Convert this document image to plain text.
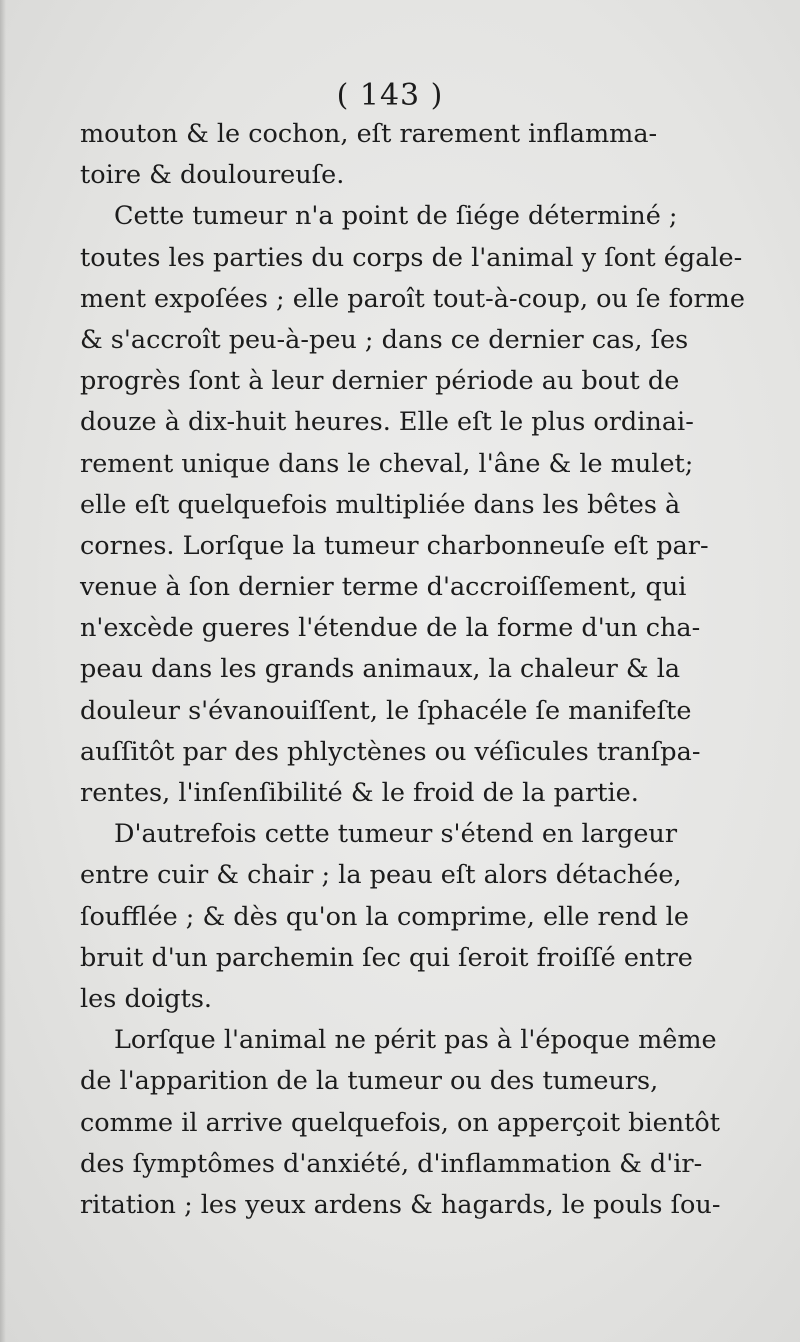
( 143 )
mouton & le cochon, eſt rarement inflamma-
toire & douloureuſe.
Cette tumeur n'a point de ſiége déterminé ;
toutes les parties du corps de l'animal y ſont égale-
ment expoſées ; elle paroît tout-à-coup, ou ſe forme
& s'accroît peu-à-peu ; dans ce dernier cas, ſes
progrès ſont à leur dernier période au bout de
douze à dix-huit heures. Elle eſt le plus ordinai-
rement unique dans le cheval, l'âne & le mulet;
elle eſt quelquefois multipliée dans les bêtes à
cornes. Lorſque la tumeur charbonneuſe eſt par-
venue à ſon dernier terme d'accroiſſement, qui
n'excède gueres l'étendue de la forme d'un cha-
peau dans les grands animaux, la chaleur & la
douleur s'évanouiſſent, le ſphacéle ſe manifeſte
auſſitôt par des phlyctènes ou véſicules tranſpa-
rentes, l'inſenſibilité & le froid de la partie.
D'autrefois cette tumeur s'étend en largeur
entre cuir & chair ; la peau eſt alors détachée,
ſoufflée ; & dès qu'on la comprime, elle rend le
bruit d'un parchemin ſec qui ſeroit froiſſé entre
les doigts.
Lorſque l'animal ne périt pas à l'époque même
de l'apparition de la tumeur ou des tumeurs,
comme il arrive quelquefois, on apperçoit bientôt
des ſymptômes d'anxiété, d'inflammation & d'ir-
ritation ; les yeux ardens & hagards, le pouls ſou-
